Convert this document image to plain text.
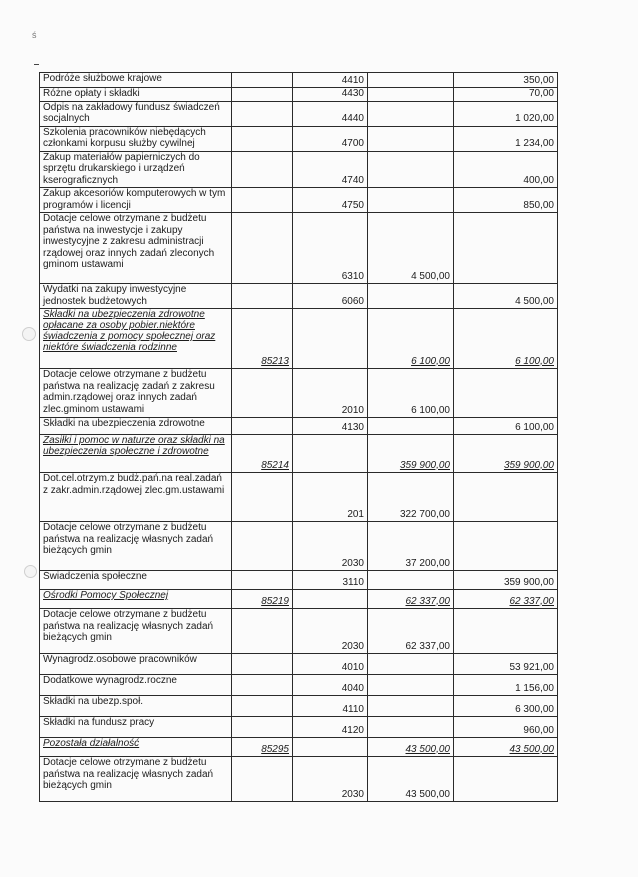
ś
Podróże służbowe krajowe		4410		350,00
Różne opłaty i składki		4430		70,00
Odpis na zakładowy fundusz świadczeń socjalnych		4440		1 020,00
Szkolenia pracowników niebędących członkami korpusu służby cywilnej		4700		1 234,00
Zakup materiałów papierniczych do sprzętu drukarskiego i urządzeń kserograficznych		4740		400,00
Zakup akcesoriów komputerowych w tym programów i licencji		4750		850,00
Dotacje celowe otrzymane z budżetu państwa na inwestycje i zakupy inwestycyjne z zakresu administracji rządowej oraz innych zadań zleconych gminom ustawami		6310	4 500,00	
Wydatki na zakupy inwestycyjne jednostek budżetowych		6060		4 500,00
Składki na ubezpieczenia zdrowotne opłacane za osoby pobier.niektóre świadczenia z pomocy społecznej oraz niektóre świadczenia rodzinne	85213		6 100,00	6 100,00
Dotacje celowe otrzymane z budżetu państwa na realizację zadań z zakresu admin.rządowej oraz innych zadań zlec.gminom ustawami		2010	6 100,00	
Składki na ubezpieczenia zdrowotne		4130		6 100,00
Zasiłki i pomoc w naturze oraz składki na ubezpieczenia społeczne i zdrowotne	85214		359 900,00	359 900,00
Dot.cel.otrzym.z budż.pań.na real.zadań z zakr.admin.rządowej zlec.gm.ustawami		201	322 700,00	
Dotacje celowe otrzymane z budżetu państwa na realizację własnych zadań bieżących gmin		2030	37 200,00	
Świadczenia społeczne		3110		359 900,00
Ośrodki Pomocy Społecznej	85219		62 337,00	62 337,00
Dotacje celowe otrzymane z budżetu państwa na realizację własnych zadań bieżących gmin		2030	62 337,00	
Wynagrodz.osobowe pracowników		4010		53 921,00
Dodatkowe wynagrodz.roczne		4040		1 156,00
Składki na ubezp.społ.		4110		6 300,00
Składki na fundusz pracy		4120		960,00
Pozostała działalność	85295		43 500,00	43 500,00
Dotacje celowe otrzymane z budżetu państwa na realizację własnych zadań bieżących gmin		2030	43 500,00	
